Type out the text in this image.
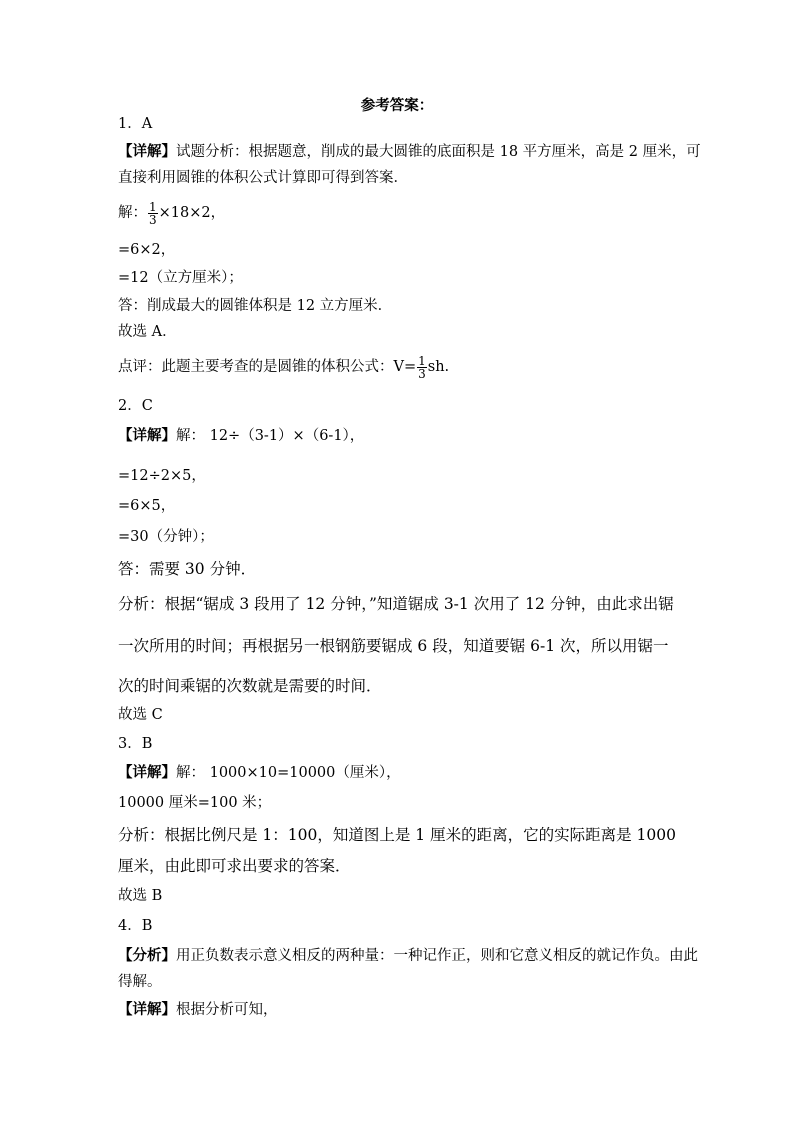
参考答案：
1．A
【详解】试题分析：根据题意，削成的最大圆锥的底面积是 18 平方厘米，高是 2 厘米，可
直接利用圆锥的体积公式计算即可得到答案．
解： $\frac{1}{3} \times 18\times 2$，
=6×2，
=12（立方厘米）；
答：削成最大的圆锥体积是 12 立方厘米．
故选 A．
点评：此题主要考查的是圆锥的体积公式：$V= \frac{1}{3}$ sh.
2．C
【详解】解： 12÷（3-1）×（6-1），
=12÷2×5，
=6×5，
=30（分钟）；
答：需要 30 分钟．
分析：根据“锯成 3 段用了 12 分钟，”知道锯成 3-1 次用了 12 分钟，由此求出锯
一次所用的时间；再根据另一根钢筋要锯成 6 段，知道要锯 6-1 次，所以用锯一
次的时间乘锯的次数就是需要的时间．
故选 C
3．B
【详解】解： 1000×10=10000（厘米），
10000 厘米=100 米；
分析：根据比例尺是 1：100，知道图上是 1 厘米的距离，它的实际距离是 1000
厘米，由此即可求出要求的答案．
故选 B
4．B
【分析】用正负数表示意义相反的两种量：一种记作正，则和它意义相反的就记作负。由此
得解。
【详解】根据分析可知，
